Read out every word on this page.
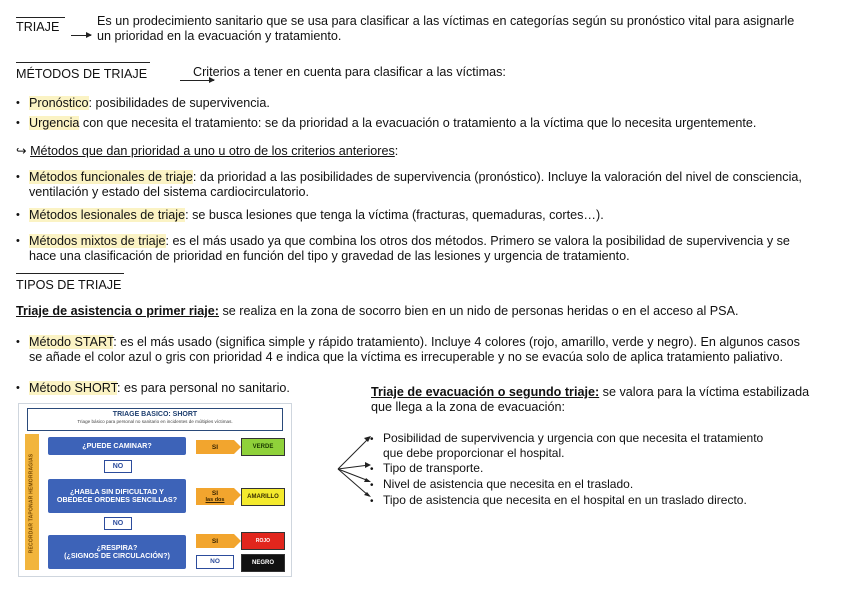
TRIAJE
	Es un prodecimiento sanitario que se usa para clasificar a las víctimas en categorías según su pronóstico vital para asignarle
un prioridad en la evacuación y tratamiento.
MÉTODOS DE TRIAJE	Criterios a tener en cuenta para clasificar a las víctimas:
• Pronóstico: posibilidades de supervivencia.
• Urgencia con que necesita el tratamiento: se da prioridad a la evacuación o tratamiento a la víctima que lo necesita urgentemente.
↪ Métodos que dan prioridad a uno u otro de los criterios anteriores:
• Métodos funcionales de triaje: da prioridad a las posibilidades de supervivencia (pronóstico). Incluye la valoración del nivel de consciencia,
ventilación y estado del sistema cardiocirculatorio.
• Métodos lesionales de triaje: se busca lesiones que tenga la víctima (fracturas, quemaduras, cortes…).
• Métodos mixtos de triaje: es el más usado ya que combina los otros dos métodos. Primero se valora la posibilidad de supervivencia y se
hace una clasificación de prioridad en función del tipo y gravedad de las lesiones y urgencia de tratamiento.
TIPOS DE TRIAJE
Triaje de asistencia o primer riaje: se realiza en la zona de socorro bien en un nido de personas heridas o en el acceso al PSA.
• Método START: es el más usado (significa simple y rápido tratamiento). Incluye 4 colores (rojo, amarillo, verde y negro). En algunos casos
se añade el color azul o gris con prioridad 4 e indica que la víctima es irrecuperable y no se evacúa solo de aplica tratamiento paliativo.
• Método SHORT: es para personal no sanitario.	Triaje de evacuación o segundo triaje: se valora para la víctima estabilizada
que llega a la zona de evacuación:
• Posibilidad de supervivencia y urgencia con que necesita el tratamiento
que debe proporcionar el hospital.
• Tipo de transporte.
• Nivel de asistencia que necesita en el traslado.
• Tipo de asistencia que necesita en el hospital en un traslado directo.
TRIAGE BASICO: SHORT
Triage básico para personal no sanitario en incidentes de múltiples víctimas.
RECORDAR TAPONAR HEMORRAGIAS
¿PUEDE CAMINAR?
NO
¿HABLA SIN DIFICULTAD Y OBEDECE ORDENES SENCILLAS?
NO
¿RESPIRA?
(¿SIGNOS DE CIRCULACIÓN?)
SI
SI
las dos
SI
NO
VERDE
AMARILLO
ROJO
NEGRO
